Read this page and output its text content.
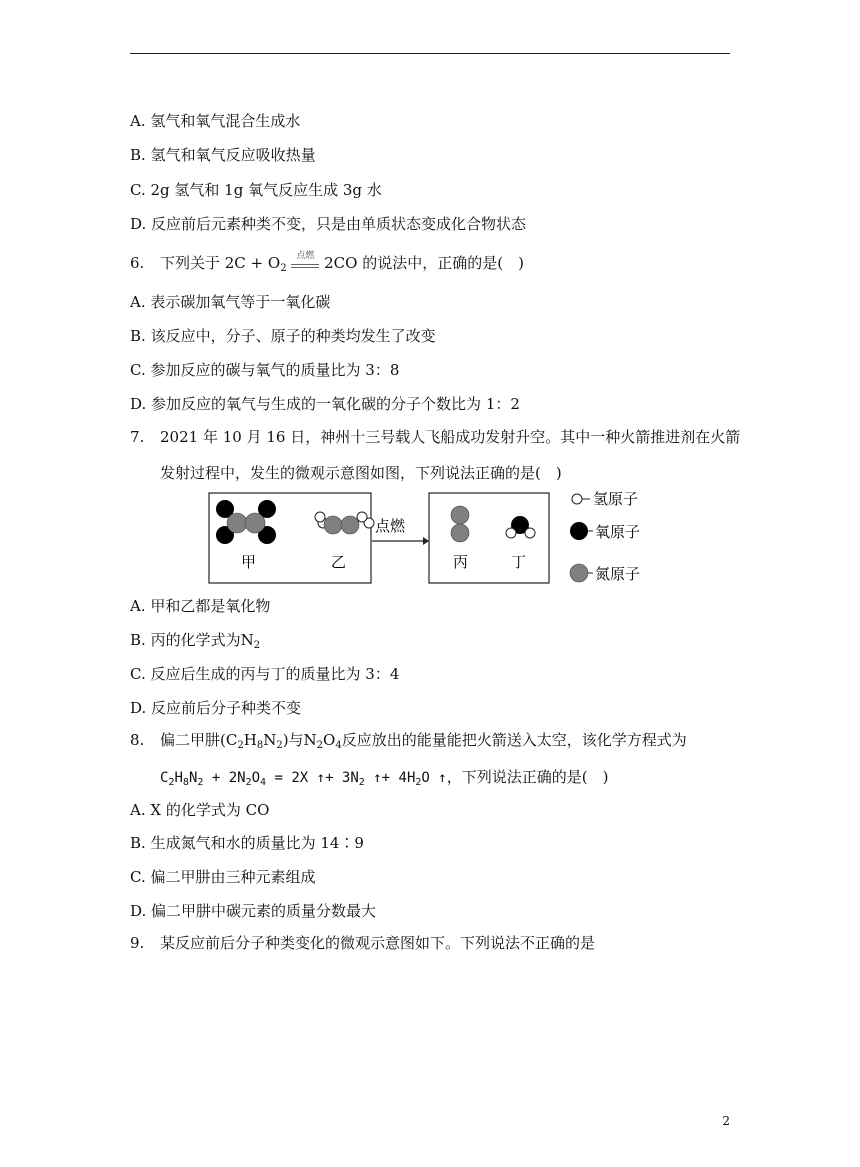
A. 氢气和氧气混合生成水
B. 氢气和氧气反应吸收热量
C. 2g 氢气和 1g 氧气反应生成 3g 水
D. 反应前后元素种类不变，只是由单质状态变成化合物状态
6. 下列关于 $2C + O_2$
点燃 2CO 的说法中，正确的是(　)
A. 表示碳加氧气等于一氧化碳
B. 该反应中，分子、原子的种类均发生了改变
C. 参加反应的碳与氧气的质量比为 3：8
D. 参加反应的氧气与生成的一氧化碳的分子个数比为 1：2
7. 2021 年 10 月 16 日，神州十三号载人飞船成功发射升空。其中一种火箭推进剂在火箭
发射过程中，发生的微观示意图如图，下列说法正确的是(　)
甲	乙
点燃
丙	丁
氢原子
氧原子
氮原子
A. 甲和乙都是氧化物
B. 丙的化学式为$N_2$
C. 反应后生成的丙与丁的质量比为 3：4
D. 反应前后分子种类不变
8. 偏二甲肼$(C_2H_8N_2)$与$N_2O_4$反应放出的能量能把火箭送入太空，该化学方程式为
$C_2H_8N_2 + 2N_2O_4 = 2X$ ↑+ $3N_2$ ↑+ $4H_2O$ ↑，下列说法正确的是(　)
A. X 的化学式为 CO
B. 生成氮气和水的质量比为 14∶9
C. 偏二甲肼由三种元素组成
D. 偏二甲肼中碳元素的质量分数最大
9. 某反应前后分子种类变化的微观示意图如下。下列说法不正确的是
2
